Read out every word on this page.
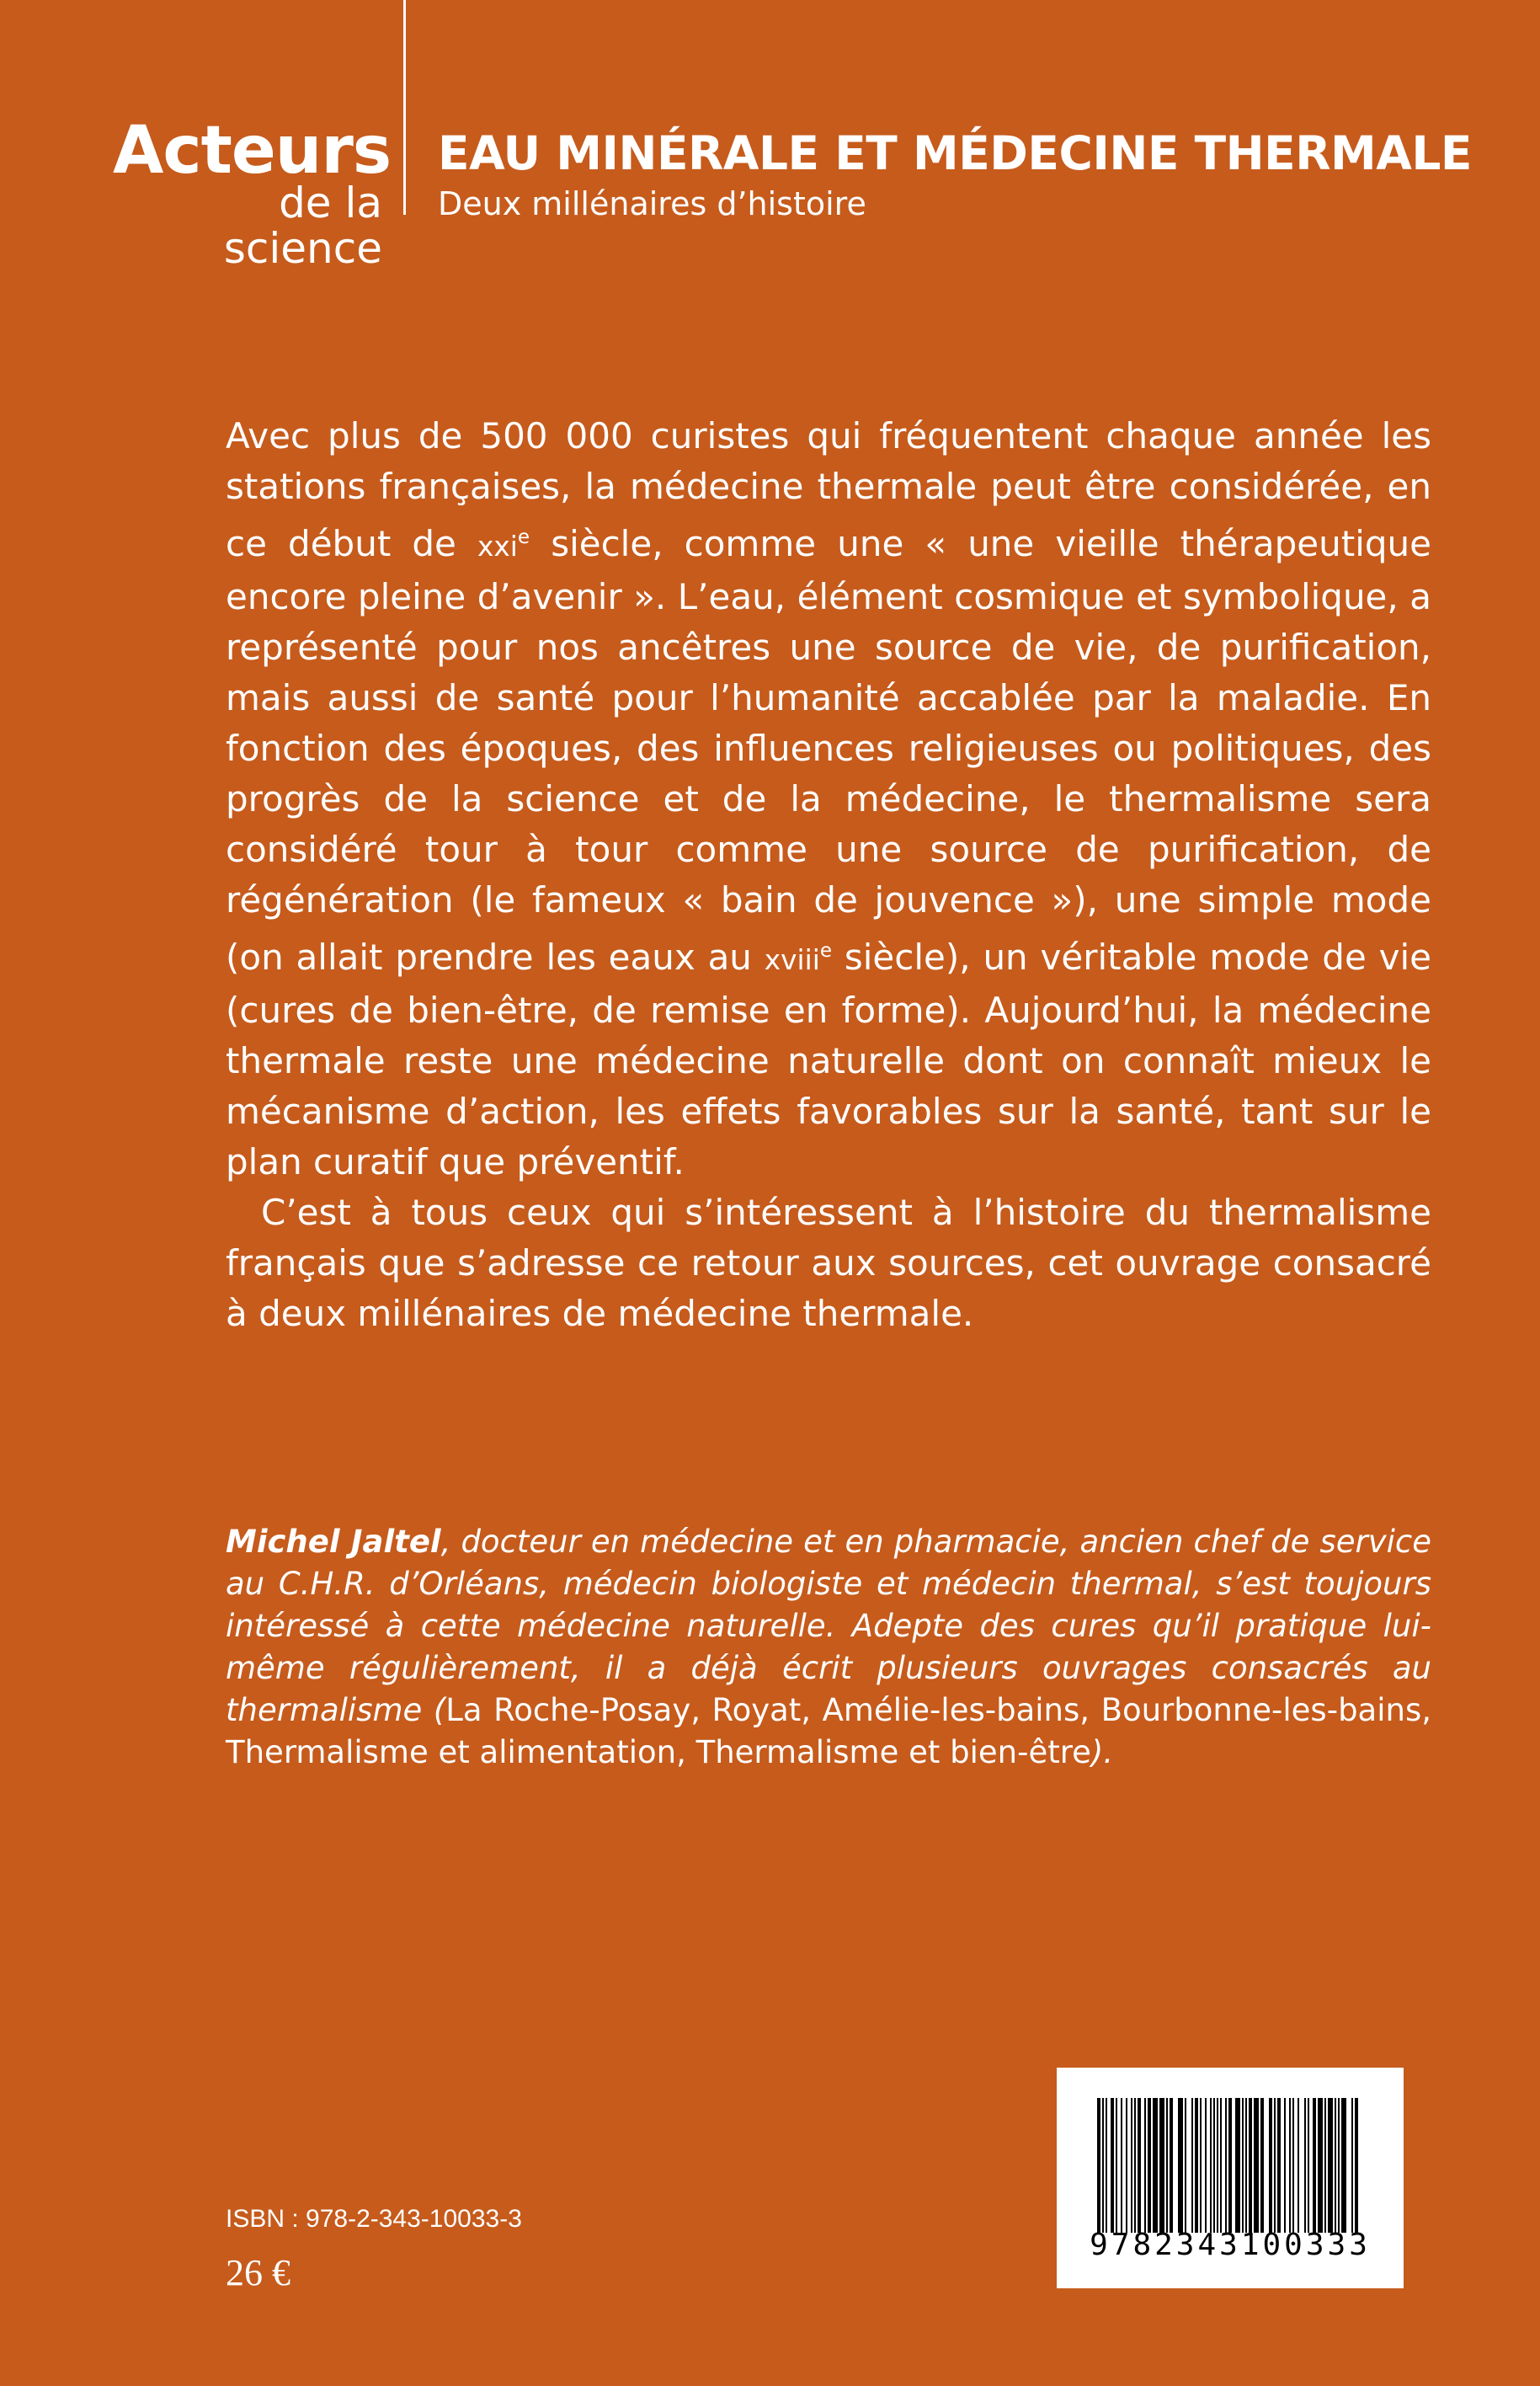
Acteurs
de la science
EAU MINÉRALE ET MÉDECINE THERMALE
Deux millénaires d’histoire

Avec plus de 500 000 curistes qui fréquentent chaque année les stations françaises, la médecine thermale peut être considérée, en ce début de xxi$^e$ siècle, comme une « une vieille thérapeutique encore pleine d’avenir ». L’eau, élément cosmique et symbolique, a représenté pour nos ancêtres une source de vie, de purification, mais aussi de santé pour l’humanité accablée par la maladie. En fonction des époques, des influences religieuses ou politiques, des progrès de la science et de la médecine, le thermalisme sera considéré tour à tour comme une source de purification, de régénération (le fameux « bain de jouvence »), une simple mode (on allait prendre les eaux au xviii$^e$ siècle), un véritable mode de vie (cures de bien-être, de remise en forme). Aujourd’hui, la médecine thermale reste une médecine naturelle dont on connaît mieux le mécanisme d’action, les effets favorables sur la santé, tant sur le plan curatif que préventif.

C’est à tous ceux qui s’intéressent à l’histoire du thermalisme français que s’adresse ce retour aux sources, cet ouvrage consacré à deux millénaires de médecine thermale.

Michel Jaltel, docteur en médecine et en pharmacie, ancien chef de service au C.H.R. d’Orléans, médecin biologiste et médecin thermal, s’est toujours intéressé à cette médecine naturelle. Adepte des cures qu’il pratique lui-même régulièrement, il a déjà écrit plusieurs ouvrages consacrés au thermalisme (La Roche-Posay, Royat, Amélie-les-bains, Bourbonne-les-bains, Thermalisme et alimentation, Thermalisme et bien-être).

ISBN : 978-2-343-10033-3
26 €
9782343100333
